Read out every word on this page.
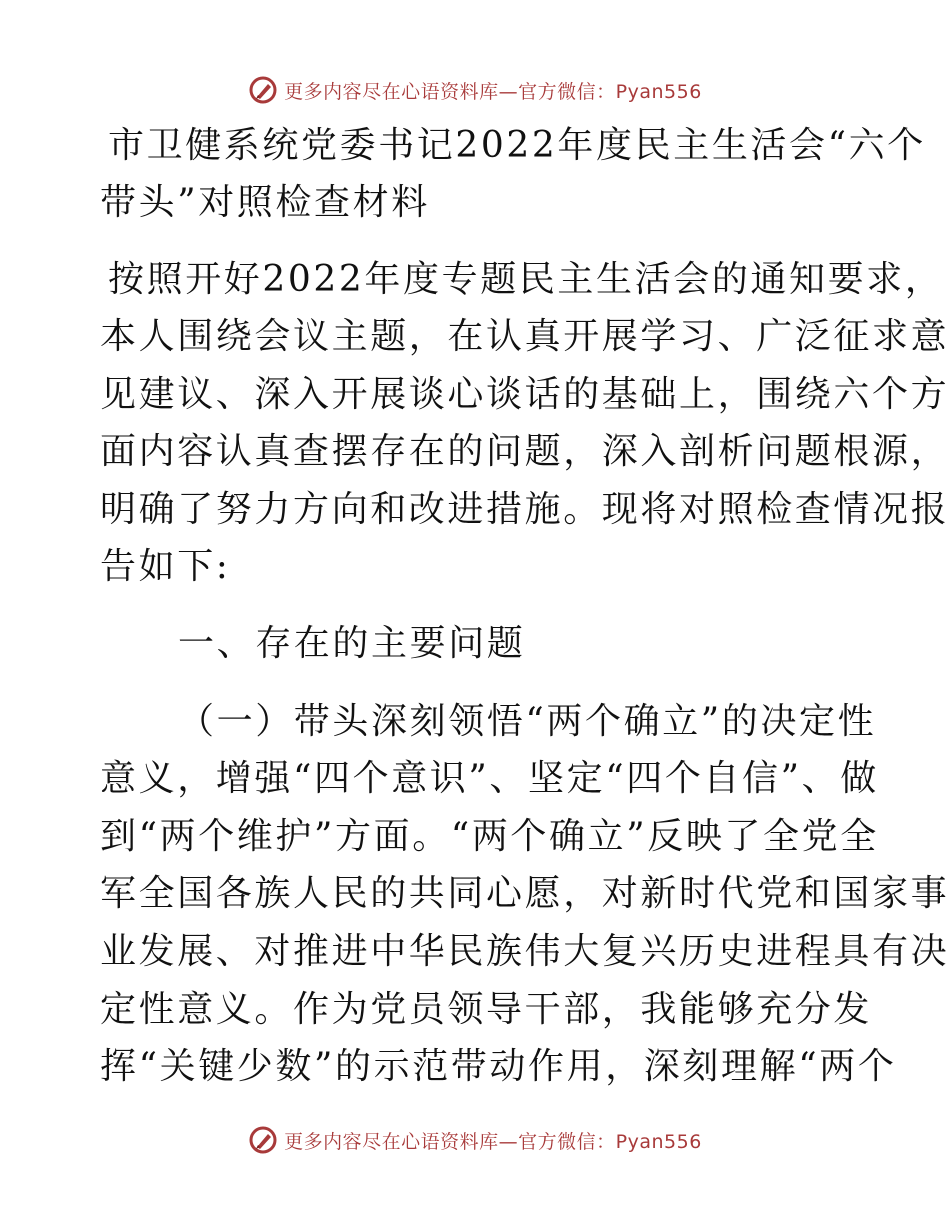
更多内容尽在心语资料库—官方微信：Pyan556
市卫健系统党委书记2022年度民主生活会“六个
带头”对照检查材料
按照开好2022年度专题民主生活会的通知要求，
本人围绕会议主题，在认真开展学习、广泛征求意
见建议、深入开展谈心谈话的基础上，围绕六个方
面内容认真查摆存在的问题，深入剖析问题根源，
明确了努力方向和改进措施。现将对照检查情况报
告如下:
一、存在的主要问题
（一）带头深刻领悟“两个确立”的决定性
意义，增强“四个意识”、坚定“四个自信”、做
到“两个维护”方面。“两个确立”反映了全党全
军全国各族人民的共同心愿，对新时代党和国家事
业发展、对推进中华民族伟大复兴历史进程具有决
定性意义。作为党员领导干部，我能够充分发
挥“关键少数”的示范带动作用，深刻理解“两个
更多内容尽在心语资料库—官方微信：Pyan556
